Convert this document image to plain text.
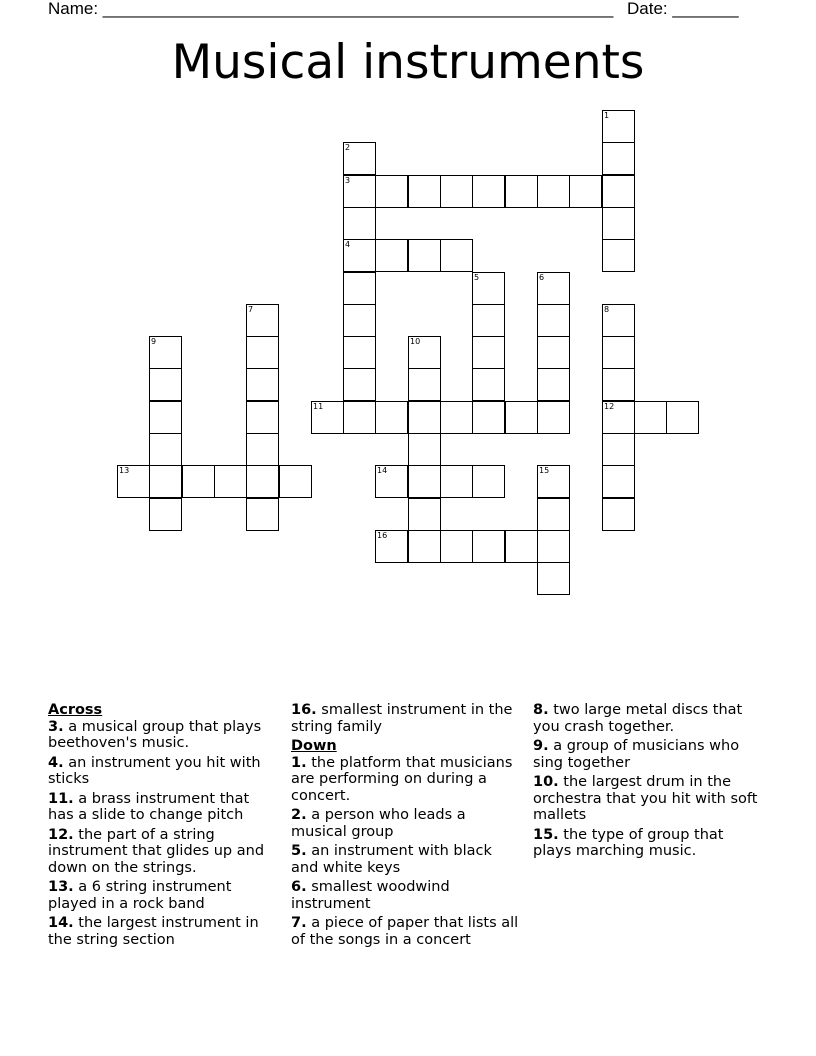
Name: ______________________________________________________ Date: _______
Musical instruments
1
2
3
4
5	6
7	8
9	10
11	12
13	14	15
16
Across
3. a musical group that plays beethoven's music.
4. an instrument you hit with sticks
11. a brass instrument that has a slide to change pitch
12. the part of a string instrument that glides up and down on the strings.
13. a 6 string instrument played in a rock band
14. the largest instrument in the string section
16. smallest instrument in the string family
Down
1. the platform that musicians are performing on during a concert.
2. a person who leads a musical group
5. an instrument with black and white keys
6. smallest woodwind instrument
7. a piece of paper that lists all of the songs in a concert
8. two large metal discs that you crash together.
9. a group of musicians who sing together
10. the largest drum in the orchestra that you hit with soft mallets
15. the type of group that plays marching music.
